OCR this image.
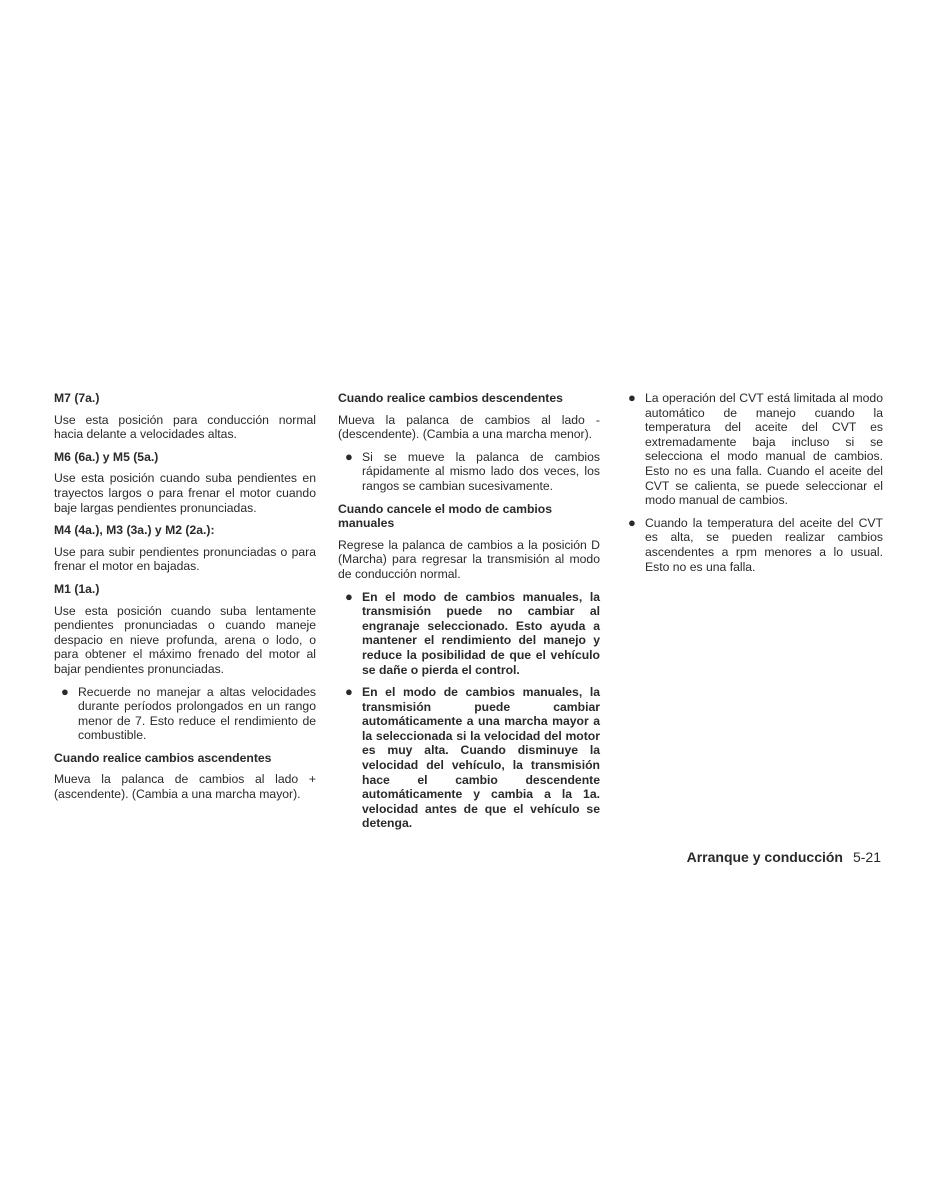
M7 (7a.)

Use esta posición para conducción normal hacia delante a velocidades altas.

M6 (6a.) y M5 (5a.)

Use esta posición cuando suba pendientes en trayectos largos o para frenar el motor cuando baje largas pendientes pronunciadas.

M4 (4a.), M3 (3a.) y M2 (2a.):

Use para subir pendientes pronunciadas o para frenar el motor en bajadas.

M1 (1a.)

Use esta posición cuando suba lentamente pendientes pronunciadas o cuando maneje despacio en nieve profunda, arena o lodo, o para obtener el máximo frenado del motor al bajar pendientes pronunciadas.

● Recuerde no manejar a altas velocidades durante períodos prolongados en un rango menor de 7. Esto reduce el rendimiento de combustible.
Cuando realice cambios ascendentes

Mueva la palanca de cambios al lado + (ascendente). (Cambia a una marcha mayor).

Cuando realice cambios descendentes

Mueva la palanca de cambios al lado - (descendente). (Cambia a una marcha menor).

● Si se mueve la palanca de cambios rápidamente al mismo lado dos veces, los rangos se cambian sucesivamente.
Cuando cancele el modo de cambios manuales

Regrese la palanca de cambios a la posición D (Marcha) para regresar la transmisión al modo de conducción normal.

● En el modo de cambios manuales, la transmisión puede no cambiar al engranaje seleccionado. Esto ayuda a mantener el rendimiento del manejo y reduce la posibilidad de que el vehículo se dañe o pierda el control.
● En el modo de cambios manuales, la transmisión puede cambiar automáticamente a una marcha mayor a la seleccionada si la velocidad del motor es muy alta. Cuando disminuye la velocidad del vehículo, la transmisión hace el cambio descendente automáticamente y cambia a la 1a. velocidad antes de que el vehículo se detenga.
● La operación del CVT está limitada al modo automático de manejo cuando la temperatura del aceite del CVT es extremadamente baja incluso si se selecciona el modo manual de cambios. Esto no es una falla. Cuando el aceite del CVT se calienta, se puede seleccionar el modo manual de cambios.
● Cuando la temperatura del aceite del CVT es alta, se pueden realizar cambios ascendentes a rpm menores a lo usual. Esto no es una falla.
Arranque y conducción 5-21
